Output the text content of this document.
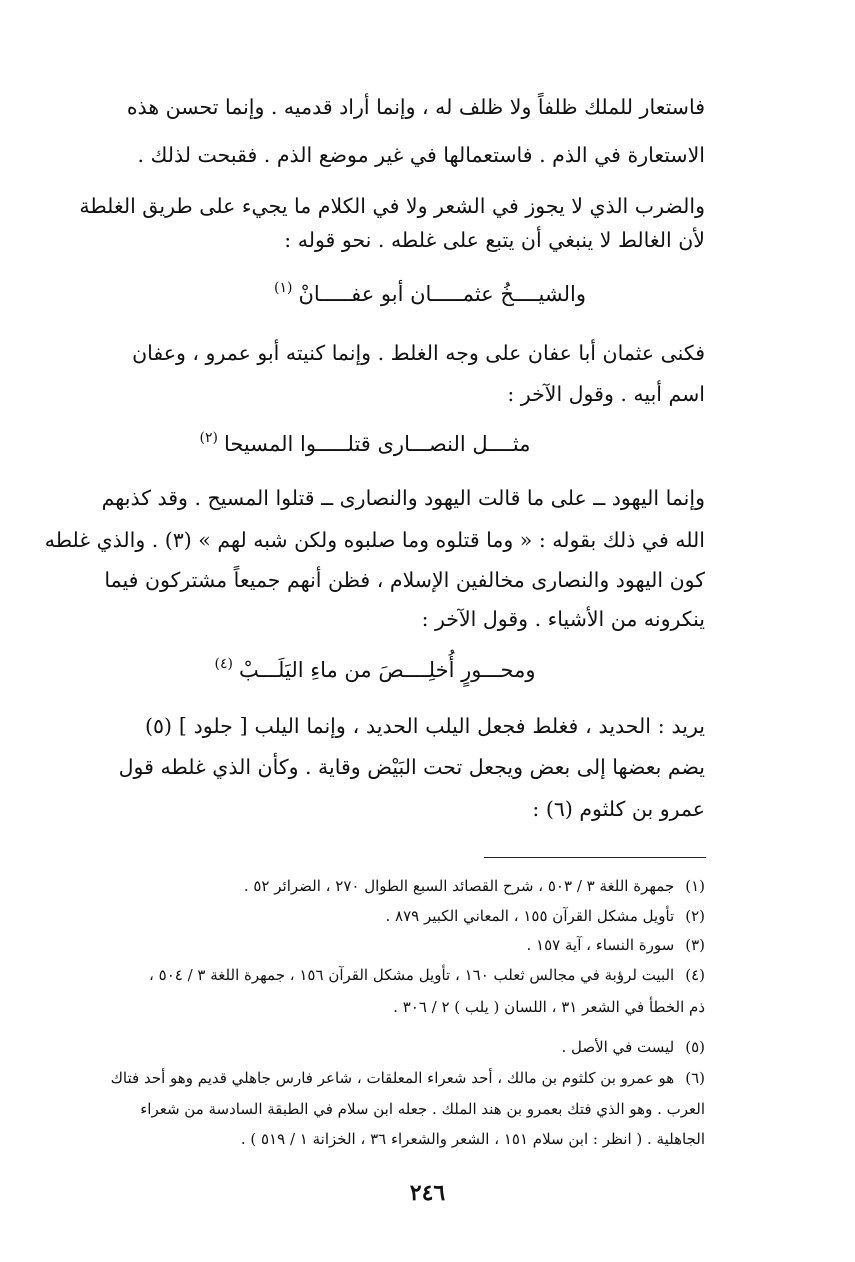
فاستعار للملك ظلفاً ولا ظلف له ، وإنما أراد قدميه . وإنما تحسن هذه
الاستعارة في الذم . فاستعمالها في غير موضع الذم . فقبحت لذلك .
والضرب الذي لا يجوز في الشعر ولا في الكلام ما يجيء على طريق الغلطة
لأن الغالط لا ينبغي أن يتبع على غلطه . نحو قوله :
والشيــــخُ عثمـــــان أبو عفـــــانْ$^{(١)}$
فكنى عثمان أبا عفان على وجه الغلط . وإنما كنيته أبو عمرو ، وعفان
اسم أبيه . وقول الآخر :
مثــــل النصـــارى قتلـــــوا المسيحا$^{(٢)}$
وإنما اليهود ــ على ما قالت اليهود والنصارى ــ قتلوا المسيح . وقد كذبهم
الله في ذلك بقوله : « وما قتلوه وما صلبوه ولكن شبه لهم » (٣) . والذي غلطه
كون اليهود والنصارى مخالفين الإسلام ، فظن أنهم جميعاً مشتركون فيما
ينكرونه من الأشياء . وقول الآخر :
ومحـــورٍ أُخلِــــصَ من ماءِ اليَلَـــبْ$^{(٤)}$
يريد : الحديد ، فغلط فجعل اليلب الحديد ، وإنما اليلب [ جلود ] (٥)
يضم بعضها إلى بعض ويجعل تحت البَيْض وقاية . وكأن الذي غلطه قول
عمرو بن كلثوم (٦) :
(١) جمهرة اللغة ٣ / ٥٠٣ ، شرح القصائد السبع الطوال ٢٧٠ ، الضرائر ٥٢ .
(٢) تأويل مشكل القرآن ١٥٥ ، المعاني الكبير ٨٧٩ .
(٣) سورة النساء ، آية ١٥٧ .
(٤) البيت لرؤبة في مجالس ثعلب ١٦٠ ، تأويل مشكل القرآن ١٥٦ ، جمهرة اللغة ٣ / ٥٠٤ ،
ذم الخطأ في الشعر ٣١ ، اللسان ( يلب ) ٢ / ٣٠٦ .
(٥) ليست في الأصل .
(٦) هو عمرو بن كلثوم بن مالك ، أحد شعراء المعلقات ، شاعر فارس جاهلي قديم وهو أحد فتاك
العرب . وهو الذي فتك بعمرو بن هند الملك . جعله ابن سلام في الطبقة السادسة من شعراء
الجاهلية . ( انظر : ابن سلام ١٥١ ، الشعر والشعراء ٣٦ ، الخزانة ١ / ٥١٩ ) .
٢٤٦
